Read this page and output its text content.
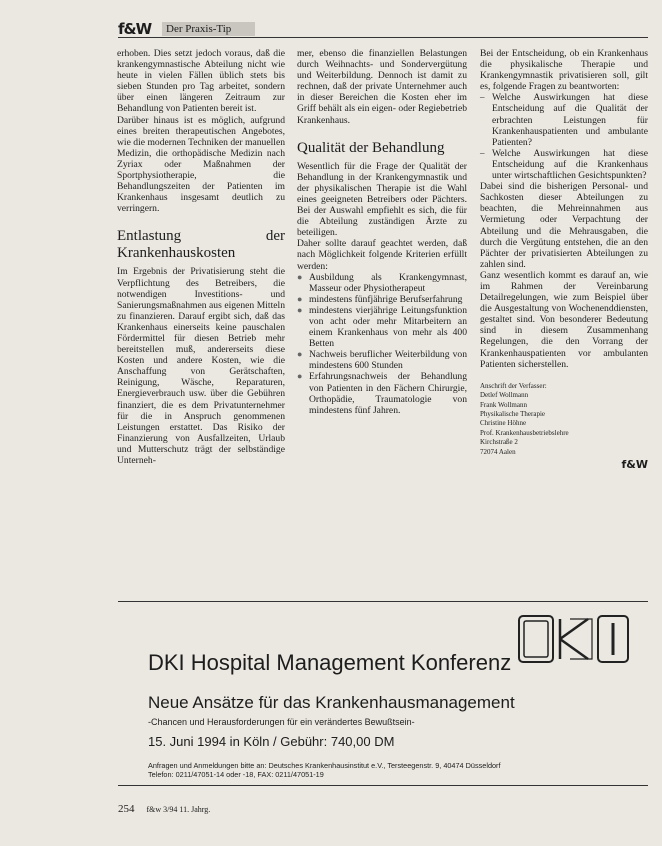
f&W	Der Praxis-Tip

erhoben. Dies setzt jedoch voraus, daß die krankengymnastische Abteilung nicht wie heute in vielen Fällen üblich stets bis sieben Stunden pro Tag arbeitet, sondern über einen längeren Zeitraum zur Behandlung von Patienten bereit ist.

Darüber hinaus ist es möglich, aufgrund eines breiten therapeutischen Angebotes, wie die modernen Techniken der manuellen Medizin, die orthopädische Medizin nach Zyriax oder Maßnahmen der Sportphysiotherapie, die Behandlungszeiten der Patienten im Krankenhaus insgesamt deutlich zu verringern.

Entlastung der Krankenhauskosten

Im Ergebnis der Privatisierung steht die Verpflichtung des Betreibers, die notwendigen Investitions- und Sanierungsmaßnahmen aus eigenen Mitteln zu finanzieren. Darauf ergibt sich, daß das Krankenhaus einerseits keine pauschalen Fördermittel für diesen Betrieb mehr bereitstellen muß, andererseits diese Kosten und andere Kosten, wie die Anschaffung von Gerätschaften, Reinigung, Wäsche, Reparaturen, Energieverbrauch usw. über die Gebühren finanziert, die es dem Privatunternehmer für die in Anspruch genommenen Leistungen erstattet. Das Risiko der Finanzierung von Ausfallzeiten, Urlaub und Mutterschutz trägt der selbständige Unterneh-

mer, ebenso die finanziellen Belastungen durch Weihnachts- und Sondervergütung und Weiterbildung. Dennoch ist damit zu rechnen, daß der private Unternehmer auch in dieser Bereichen die Kosten eher im Griff behält als ein eigen- oder Regiebetrieb Krankenhaus.

Qualität der Behandlung

Wesentlich für die Frage der Qualität der Behandlung in der Krankengymnastik und der physikalischen Therapie ist die Wahl eines geeigneten Betreibers oder Pächters. Bei der Auswahl empfiehlt es sich, die für die Abteilung zuständigen Ärzte zu beteiligen.

Daher sollte darauf geachtet werden, daß nach Möglichkeit folgende Kriterien erfüllt werden:

● Ausbildung als Krankengymnast, Masseur oder Physiotherapeut
● mindestens fünfjährige Berufserfahrung
● mindestens vierjährige Leitungsfunktion von acht oder mehr Mitarbeitern an einem Krankenhaus von mehr als 400 Betten
● Nachweis beruflicher Weiterbildung von mindestens 600 Stunden
● Erfahrungsnachweis der Behandlung von Patienten in den Fächern Chirurgie, Orthopädie, Traumatologie von mindestens fünf Jahren.

Bei der Entscheidung, ob ein Krankenhaus die physikalische Therapie und Krankengymnastik privatisieren soll, gilt es, folgende Fragen zu beantworten:

– Welche Auswirkungen hat diese Entscheidung auf die Qualität der erbrachten Leistungen für Krankenhauspatienten und ambulante Patienten?
– Welche Auswirkungen hat diese Entscheidung auf die Krankenhaus unter wirtschaftlichen Gesichtspunkten?

Dabei sind die bisherigen Personal- und Sachkosten dieser Abteilungen zu beachten, die Mehreinnahmen aus Vermietung oder Verpachtung der Abteilung und die Mehrausgaben, die durch die Vergütung entstehen, die an den Pächter der privatisierten Abteilungen zu zahlen sind.

Ganz wesentlich kommt es darauf an, wie im Rahmen der Vereinbarung Detailregelungen, wie zum Beispiel über die Ausgestaltung von Wochenenddiensten, gestaltet sind. Von besonderer Bedeutung sind in diesem Zusammenhang Regelungen, die den Vorrang der Krankenhauspatienten vor ambulanten Patienten sicherstellen.

Anschrift der Verfasser:
Detlef Wollmann
Frank Wollmann
Physikalische Therapie
Christine Höhne
Prof. Krankenhausbetriebslehre
Kirchstraße 2
72074 Aalen
f&W
DKI Hospital Management Konferenz
Neue Ansätze für das Krankenhausmanagement
-Chancen und Herausforderungen für ein verändertes Bewußtsein-
15. Juni 1994 in Köln / Gebühr: 740,00 DM
Anfragen und Anmeldungen bitte an: Deutsches Krankenhausinstitut e.V., Tersteegenstr. 9, 40474 Düsseldorf
Telefon: 0211/47051-14 oder -18, FAX: 0211/47051-19
254 f&w 3/94 11. Jahrg.
